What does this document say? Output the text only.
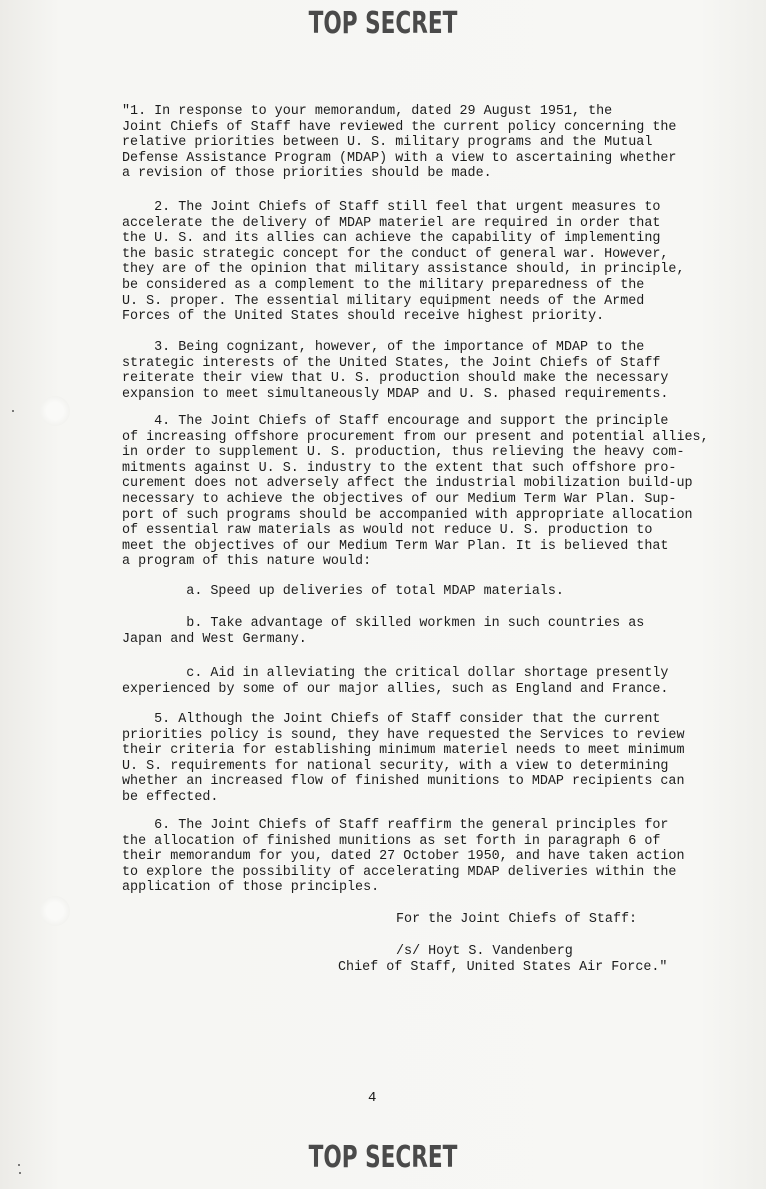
TOP SECRET
"1. In response to your memorandum, dated 29 August 1951, the
Joint Chiefs of Staff have reviewed the current policy concerning the
relative priorities between U. S. military programs and the Mutual
Defense Assistance Program (MDAP) with a view to ascertaining whether
a revision of those priorities should be made.
2. The Joint Chiefs of Staff still feel that urgent measures to
accelerate the delivery of MDAP materiel are required in order that
the U. S. and its allies can achieve the capability of implementing
the basic strategic concept for the conduct of general war. However,
they are of the opinion that military assistance should, in principle,
be considered as a complement to the military preparedness of the
U. S. proper. The essential military equipment needs of the Armed
Forces of the United States should receive highest priority.
3. Being cognizant, however, of the importance of MDAP to the
strategic interests of the United States, the Joint Chiefs of Staff
reiterate their view that U. S. production should make the necessary
expansion to meet simultaneously MDAP and U. S. phased requirements.
4. The Joint Chiefs of Staff encourage and support the principle
of increasing offshore procurement from our present and potential allies,
in order to supplement U. S. production, thus relieving the heavy com-
mitments against U. S. industry to the extent that such offshore pro-
curement does not adversely affect the industrial mobilization build-up
necessary to achieve the objectives of our Medium Term War Plan. Sup-
port of such programs should be accompanied with appropriate allocation
of essential raw materials as would not reduce U. S. production to
meet the objectives of our Medium Term War Plan. It is believed that
a program of this nature would:
a. Speed up deliveries of total MDAP materials.
b. Take advantage of skilled workmen in such countries as
Japan and West Germany.
c. Aid in alleviating the critical dollar shortage presently
experienced by some of our major allies, such as England and France.
5. Although the Joint Chiefs of Staff consider that the current
priorities policy is sound, they have requested the Services to review
their criteria for establishing minimum materiel needs to meet minimum
U. S. requirements for national security, with a view to determining
whether an increased flow of finished munitions to MDAP recipients can
be effected.
6. The Joint Chiefs of Staff reaffirm the general principles for
the allocation of finished munitions as set forth in paragraph 6 of
their memorandum for you, dated 27 October 1950, and have taken action
to explore the possibility of accelerating MDAP deliveries within the
application of those principles.
For the Joint Chiefs of Staff:
/s/ Hoyt S. Vandenberg
Chief of Staff, United States Air Force."
4
TOP SECRET
